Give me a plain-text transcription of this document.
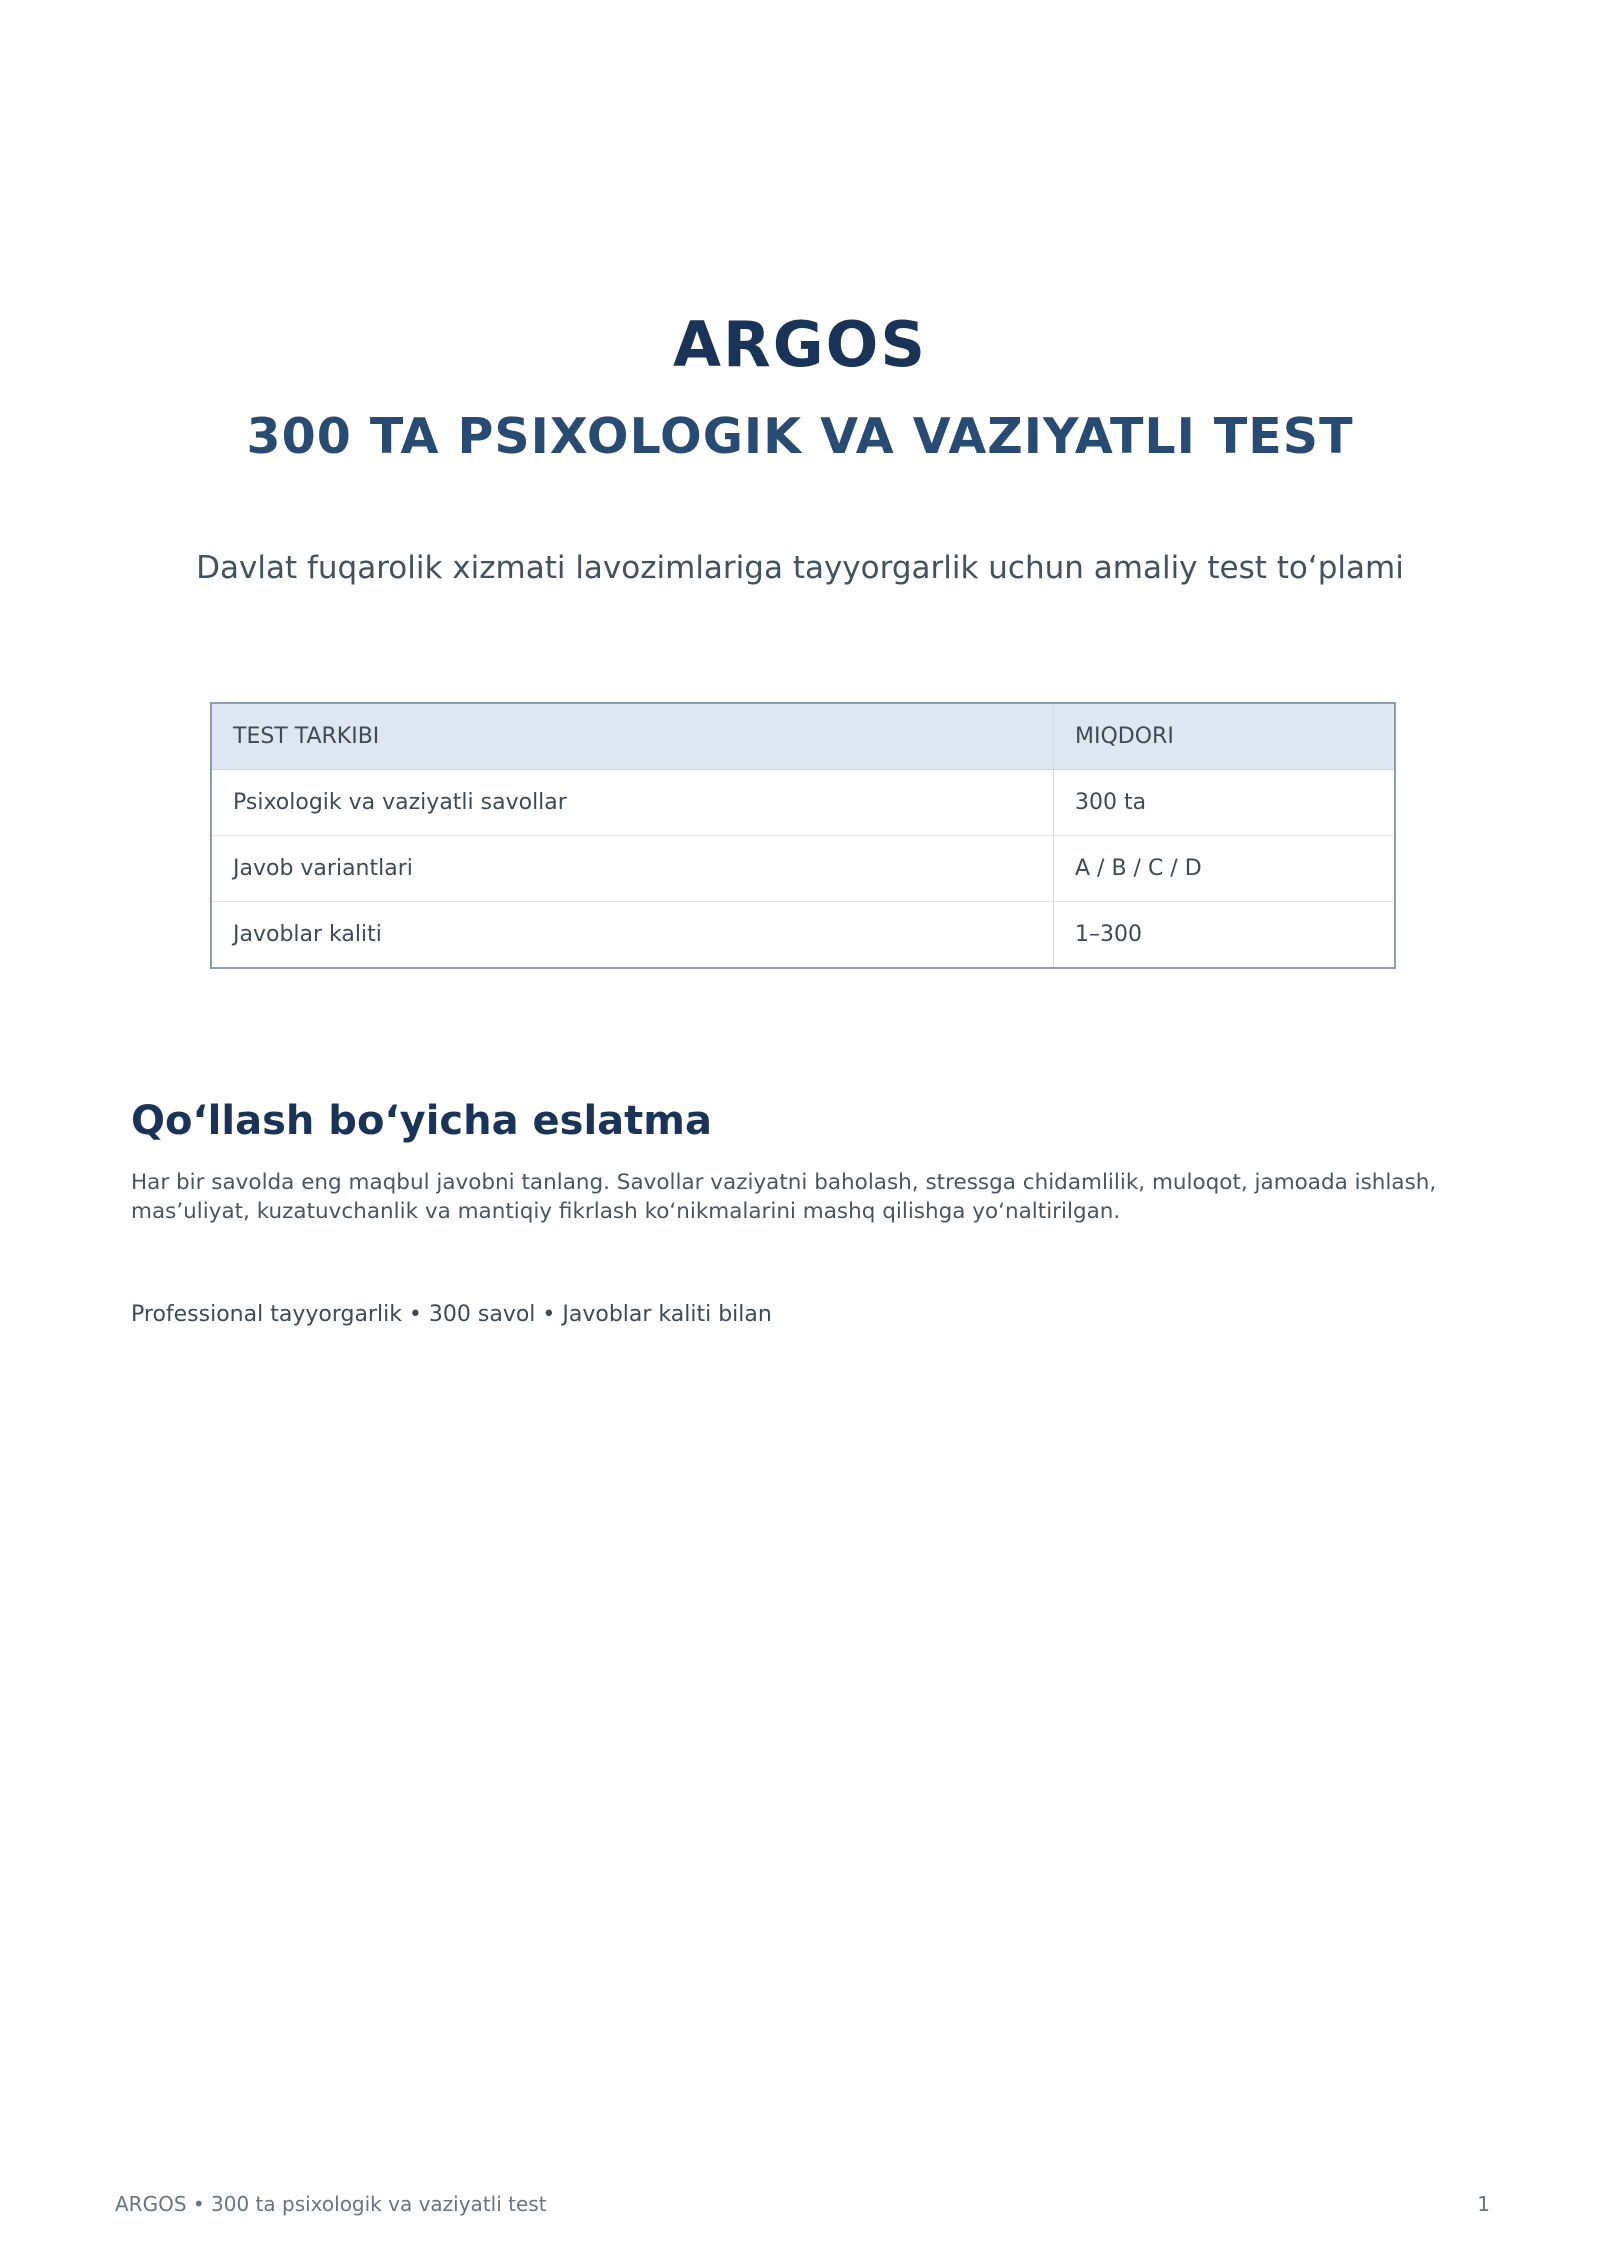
ARGOS
300 TA PSIXOLOGIK VA VAZIYATLI TEST

Davlat fuqarolik xizmati lavozimlariga tayyorgarlik uchun amaliy test to‘plami

TEST TARKIBI	MIQDORI
Psixologik va vaziyatli savollar	300 ta
Javob variantlari	A / B / C / D
Javoblar kaliti	1–300
Qo‘llash bo‘yicha eslatma

Har bir savolda eng maqbul javobni tanlang. Savollar vaziyatni baholash, stressga chidamlilik, muloqot, jamoada ishlash,
mas’uliyat, kuzatuvchanlik va mantiqiy fikrlash ko‘nikmalarini mashq qilishga yo‘naltirilgan.

Professional tayyorgarlik • 300 savol • Javoblar kaliti bilan

ARGOS • 300 ta psixologik va vaziyatli test	1
